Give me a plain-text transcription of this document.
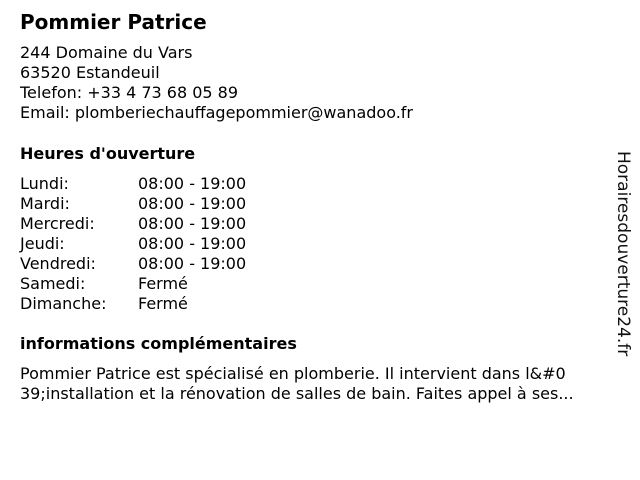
Pommier Patrice
244 Domaine du Vars
63520 Estandeuil
Telefon: +33 4 73 68 05 89
Email: plomberiechauffagepommier@wanadoo.fr
Heures d'ouverture
Lundi:	08:00 - 19:00
Mardi:	08:00 - 19:00
Mercredi:	08:00 - 19:00
Jeudi:	08:00 - 19:00
Vendredi:	08:00 - 19:00
Samedi:	Fermé
Dimanche:	Fermé
informations complémentaires
Pommier Patrice est spécialisé en plomberie. Il intervient dans l&#0
39;installation et la rénovation de salles de bain. Faites appel à ses...
Horairesdouverture24.fr
